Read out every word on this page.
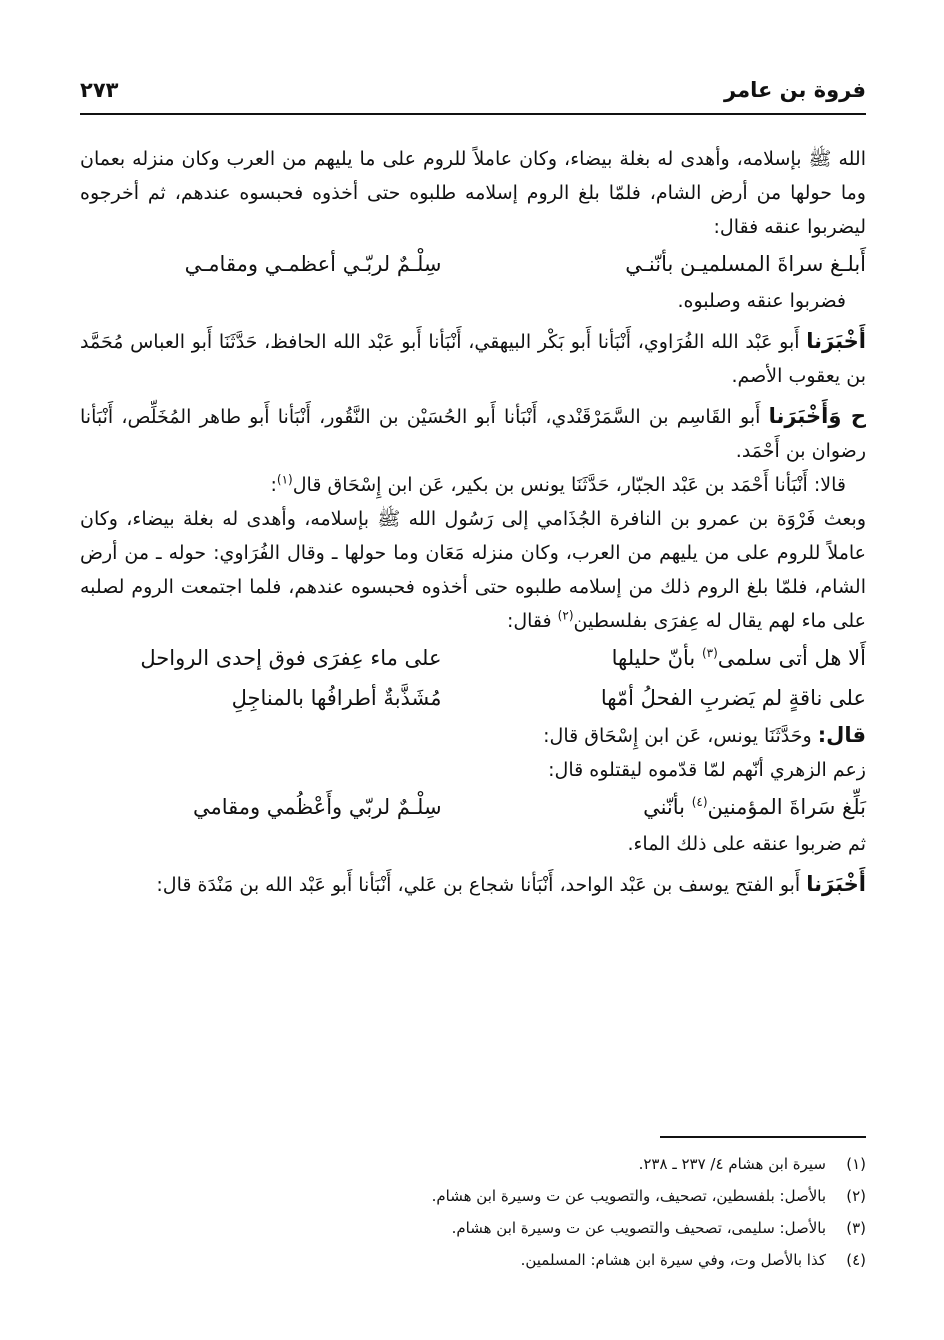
فروة بن عامر
٢٧٣

الله ﷺ بإسلامه، وأهدى له بغلة بيضاء، وكان عاملاً للروم على ما يليهم من العرب وكان منزله بعمان وما حولها من أرض الشام، فلمّا بلغ الروم إسلامه طلبوه حتى أخذوه فحبسوه عندهم، ثم أخرجوه ليضربوا عنقه فقال:

أَبلـغ سراةَ المسلميـن بأنّنـي
سِلْـمٌ لربّـي أعظمـي ومقامـي

فضربوا عنقه وصلبوه.

أَخْبَرَنا أَبو عَبْد الله الفُرَاوي، أَنْبَأنا أَبو بَكْر البيهقي، أَنْبَأنا أَبو عَبْد الله الحافظ، حَدَّثَنَا أَبو العباس مُحَمَّد بن يعقوب الأصم.

ح وَأَخْبَرَنا أَبو القَاسِم بن السَّمَرْقَنْدي، أَنْبَأنا أَبو الحُسَيْن بن النَّقُور، أَنْبَأنا أَبو طاهر المُخَلِّص، أَنْبَأنا رضوان بن أَحْمَد.

قالا: أَنْبَأنا أَحْمَد بن عَبْد الجبّار، حَدَّثَنَا يونس بن بكير، عَن ابن إِسْحَاق قال$^{(١)}$:

وبعث فَرْوَة بن عمرو بن النافرة الجُذَامي إلى رَسُول الله ﷺ بإسلامه، وأهدى له بغلة بيضاء، وكان عاملاً للروم على من يليهم من العرب، وكان منزله مَعَان وما حولها ـ وقال الفُرَاوي: حوله ـ من أرض الشام، فلمّا بلغ الروم ذلك من إسلامه طلبوه حتى أخذوه فحبسوه عندهم، فلما اجتمعت الروم لصلبه على ماء لهم يقال له عِفرَى بفلسطين$^{(٢)}$ فقال:

أَلا هل أتى سلمى$^{(٣)}$ بأنّ حليلها
على ماء عِفرَى فوق إحدى الرواحل
على ناقةٍ لم يَضربِ الفحلُ أمّها
مُشَذَّبةٌ أطرافُها بالمناجِلِ

قال: وحَدَّثَنَا يونس، عَن ابن إِسْحَاق قال:

زعم الزهري أنّهم لمّا قدّموه ليقتلوه قال:

بَلِّغ سَراةَ المؤمنين$^{(٤)}$ بأنّني
سِلْـمٌ لربّي وأَعْظُمي ومقامي

ثم ضربوا عنقه على ذلك الماء.

أَخْبَرَنا أَبو الفتح يوسف بن عَبْد الواحد، أَنْبَأنا شجاع بن عَلي، أَنْبَأنا أَبو عَبْد الله بن مَنْدَة قال:

(١)
سيرة ابن هشام ٤/ ٢٣٧ ـ ٢٣٨.
(٢)
بالأصل: بلفسطين، تصحيف، والتصويب عن ت وسيرة ابن هشام.
(٣)
بالأصل: سليمى، تصحيف والتصويب عن ت وسيرة ابن هشام.
(٤)
كذا بالأصل وت، وفي سيرة ابن هشام: المسلمين.
